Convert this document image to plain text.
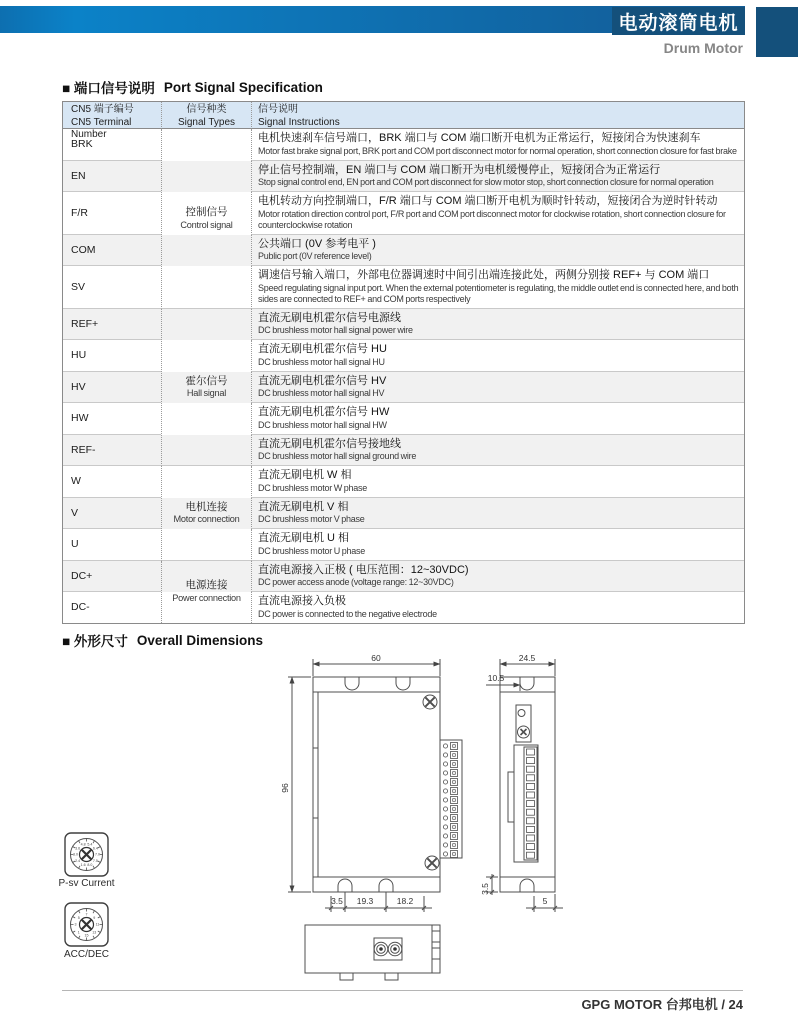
电动滚筒电机
Drum Motor
■ 端口信号说明 Port Signal Specification
CN5 端子编号
CN5 Terminal Number
信号种类
Signal Types
信号说明
Signal Instructions
控制信号
Control signal
霍尔信号
Hall signal
电机连接
Motor connection
电源连接
Power connection
BRK
电机快速刹车信号端口，BRK 端口与 COM 端口断开电机为正常运行，短接闭合为快速刹车
Motor fast brake signal port, BRK port and COM port disconnect motor for normal operation, short connection closure for fast brake
EN
停止信号控制端，EN 端口与 COM 端口断开为电机缓慢停止，短接闭合为正常运行
Stop signal control end, EN port and COM port disconnect for slow motor stop, short connection closure for normal operation
F/R
电机转动方向控制端口，F/R 端口与 COM 端口断开电机为顺时针转动，短接闭合为逆时针转动
Motor rotation direction control port, F/R port and COM port disconnect motor for clockwise rotation, short connection closure for counterclockwise rotation
COM
公共端口 (0V 参考电平 )
Public port (0V reference level)
SV
调速信号输入端口，外部电位器调速时中间引出端连接此处，两侧分别接 REF+ 与 COM 端口
Speed regulating signal input port. When the external potentiometer is regulating, the middle outlet end is connected here, and both sides are connected to REF+ and COM ports respectively
REF+
直流无刷电机霍尔信号电源线
DC brushless motor hall signal power wire
HU
直流无刷电机霍尔信号 HU
DC brushless motor hall signal HU
HV
直流无刷电机霍尔信号 HV
DC brushless motor hall signal HV
HW
直流无刷电机霍尔信号 HW
DC brushless motor hall signal HW
REF-
直流无刷电机霍尔信号接地线
DC brushless motor hall signal ground wire
W
直流无刷电机 W 相
DC brushless motor W phase
V
直流无刷电机 V 相
DC brushless motor V phase
U
直流无刷电机 U 相
DC brushless motor U phase
DC+
直流电源接入正极 ( 电压范围：12~30VDC)
DC power access anode (voltage range: 12~30VDC)
DC-
直流电源接入负极
DC power is connected to the negative electrode
■ 外形尺寸 Overall Dimensions
60
96
3.5 19.3	18.2
24.5
10.5
3.5
5
4.8 5.4
6.4
7.0
7.5
8.0
1.6
2.4
3.0
3.6
P-sv Current
7
9
11
13
15
1
3
5
ACC/DEC
GPG MOTOR 台邦电机 / 24
